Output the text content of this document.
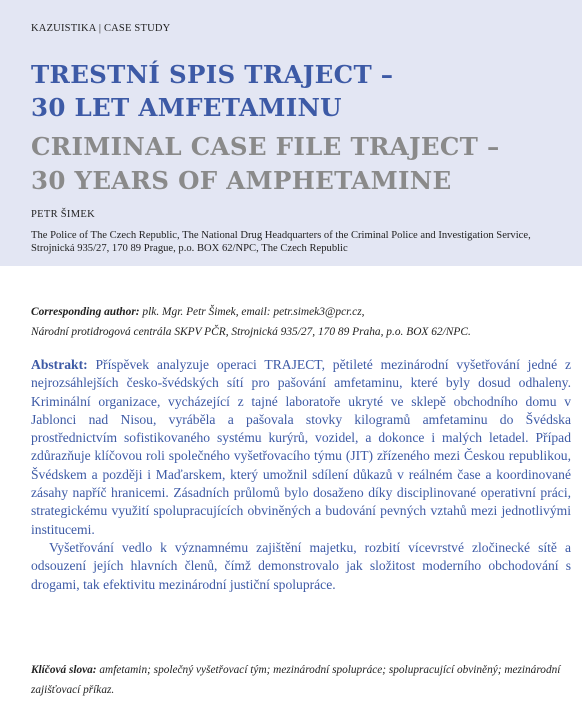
KAZUISTIKA | CASE STUDY
TRESTNÍ SPIS TRAJECT –
30 LET AMFETAMINU
CRIMINAL CASE FILE TRAJECT –
30 YEARS OF AMPHETAMINE
PETR ŠIMEK
The Police of The Czech Republic, The National Drug Headquarters of the Criminal Police and Investigation Service, Strojnická 935/27, 170 89 Prague, p.o. BOX 62/NPC, The Czech Republic
Corresponding author: plk. Mgr. Petr Šimek, email: petr.simek3@pcr.cz,
Národní protidrogová centrála SKPV PČR, Strojnická 935/27, 170 89 Praha, p.o. BOX 62/NPC.

Abstrakt: Příspěvek analyzuje operaci TRAJECT, pětileté mezinárodní vyšetřování jedné z nejrozsáhlejších česko-švédských sítí pro pašování amfetaminu, které byly dosud odhaleny. Kriminální organizace, vycházející z tajné laboratoře ukryté ve sklepě obchodního domu v Jablonci nad Nisou, vyráběla a pašovala stovky kilogramů amfetaminu do Švédska prostřednictvím sofistikovaného systému kurýrů, vozidel, a dokonce i malých letadel. Případ zdůrazňuje klíčovou roli společného vyšetřovacího týmu (JIT) zřízeného mezi Českou republikou, Švédskem a později i Maďarskem, který umožnil sdílení důkazů v reálném čase a koordinované zásahy napříč hranicemi. Zásadních průlomů bylo dosaženo díky disciplinované operativní práci, strategickému využití spolupracujících obviněných a budování pevných vztahů mezi jednotlivými institucemi.

Vyšetřování vedlo k významnému zajištění majetku, rozbití vícevrstvé zločinecké sítě a odsouzení jejích hlavních členů, čímž demonstrovalo jak složitost moderního obchodování s drogami, tak efektivitu mezinárodní justiční spolupráce.

Klíčová slova: amfetamin; společný vyšetřovací tým; mezinárodní spolupráce; spolupracující obviněný; mezinárodní zajišťovací příkaz.
